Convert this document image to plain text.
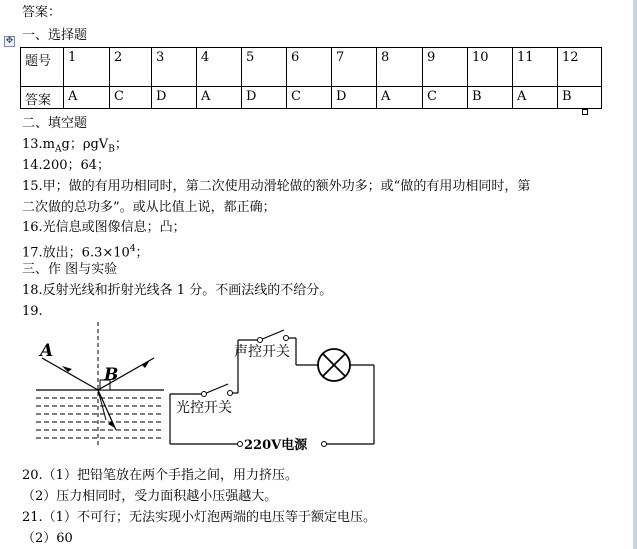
答案：
一、选择题
✥
题号	1	2	3	4	5	6	7	8	9	10	11	12
答案	A	C	D	A	D	C	D	A	C	B	A	B
二、填空题
$13.m_Ag$；ρgV$_B$；
14.200；64；
15.甲；做的有用功相同时，第二次使用动滑轮做的额外功多；或“做的有用功相同时，第
二次做的总功多”。或从比值上说，都正确；
16.光信息或图像信息；凸；
17.放出；$6.3\times 10^4$；
三、作 图与实验
18.反射光线和折射光线各 1 分。不画法线的不给分。
19.
A
B
声控开关
光控开关
220V电源
20.（1）把铅笔放在两个手指之间，用力挤压。
（2）压力相同时，受力面积越小压强越大。
21.（1）不可行；无法实现小灯泡两端的电压等于额定电压。
（2）60
